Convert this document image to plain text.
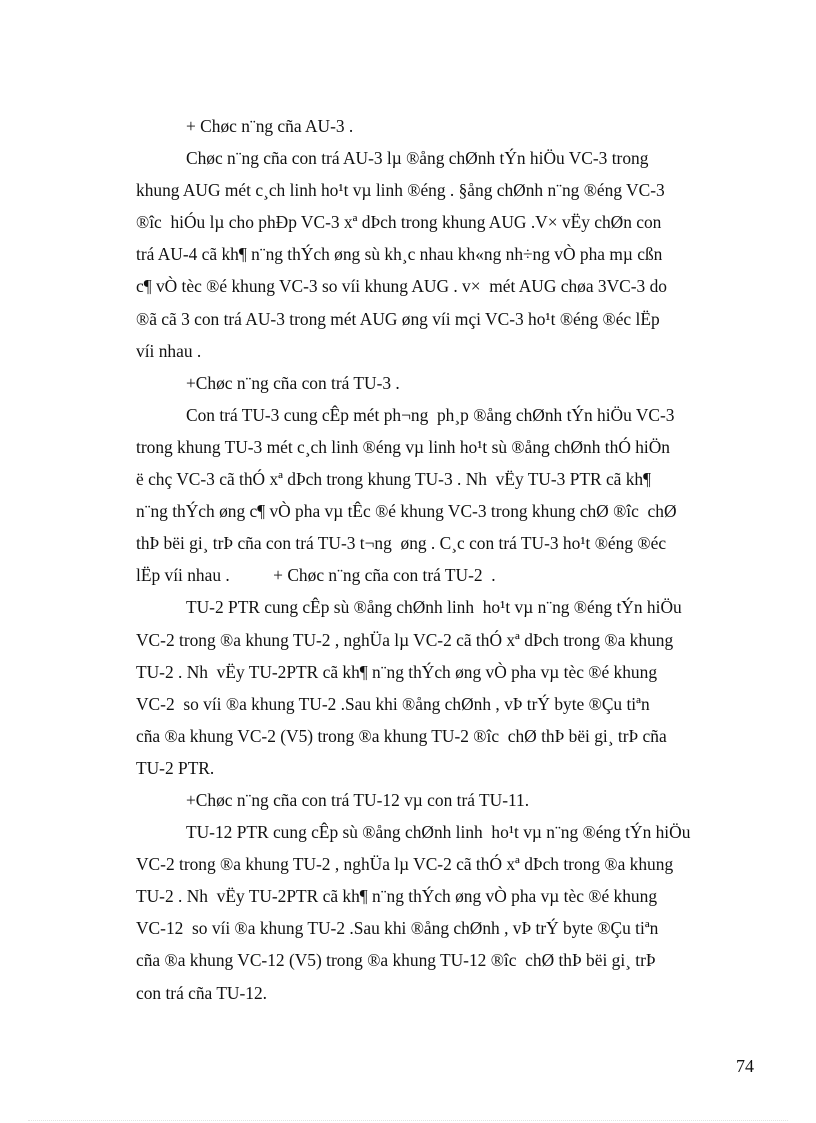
+ Chøc n¨ng cña AU-3 .
Chøc n¨ng cña con trá AU-3 lµ ®ång chØnh tÝn hiÖu VC-3 trong
khung AUG mét c¸ch linh ho¹t vµ linh ®éng . §ång chØnh n¨ng ®éng VC-3
®îc  hiÓu lµ cho phÐp VC-3 xª dÞch trong khung AUG .V× vËy chØn con
trá AU-4 cã kh¶ n¨ng thÝch øng sù kh¸c nhau kh«ng nh÷ng vÒ pha mµ cßn
c¶ vÒ tèc ®é khung VC-3 so víi khung AUG . v×  mét AUG chøa 3VC-3 do
®ã cã 3 con trá AU-3 trong mét AUG øng víi mçi VC-3 ho¹t ®éng ®éc lËp
víi nhau .
+Chøc n¨ng cña con trá TU-3 .
Con trá TU-3 cung cÊp mét ph¬ng  ph¸p ®ång chØnh tÝn hiÖu VC-3
trong khung TU-3 mét c¸ch linh ®éng vµ linh ho¹t sù ®ång chØnh thÓ hiÖn
ë chç VC-3 cã thÓ xª dÞch trong khung TU-3 . Nh  vËy TU-3 PTR cã kh¶
n¨ng thÝch øng c¶ vÒ pha vµ tÊc ®é khung VC-3 trong khung chØ ®îc  chØ
thÞ bëi gi¸ trÞ cña con trá TU-3 t¬ng  øng . C¸c con trá TU-3 ho¹t ®éng ®éc
lËp víi nhau .          + Chøc n¨ng cña con trá TU-2  .
TU-2 PTR cung cÊp sù ®ång chØnh linh  ho¹t vµ n¨ng ®éng tÝn hiÖu
VC-2 trong ®a khung TU-2 , nghÜa lµ VC-2 cã thÓ xª dÞch trong ®a khung
TU-2 . Nh  vËy TU-2PTR cã kh¶ n¨ng thÝch øng vÒ pha vµ tèc ®é khung
VC-2  so víi ®a khung TU-2 .Sau khi ®ång chØnh , vÞ trÝ byte ®Çu tiªn
cña ®a khung VC-2 (V5) trong ®a khung TU-2 ®îc  chØ thÞ bëi gi¸ trÞ cña
TU-2 PTR.
+Chøc n¨ng cña con trá TU-12 vµ con trá TU-11.
TU-12 PTR cung cÊp sù ®ång chØnh linh  ho¹t vµ n¨ng ®éng tÝn hiÖu
VC-2 trong ®a khung TU-2 , nghÜa lµ VC-2 cã thÓ xª dÞch trong ®a khung
TU-2 . Nh  vËy TU-2PTR cã kh¶ n¨ng thÝch øng vÒ pha vµ tèc ®é khung
VC-12  so víi ®a khung TU-2 .Sau khi ®ång chØnh , vÞ trÝ byte ®Çu tiªn
cña ®a khung VC-12 (V5) trong ®a khung TU-12 ®îc  chØ thÞ bëi gi¸ trÞ
con trá cña TU-12.
74
